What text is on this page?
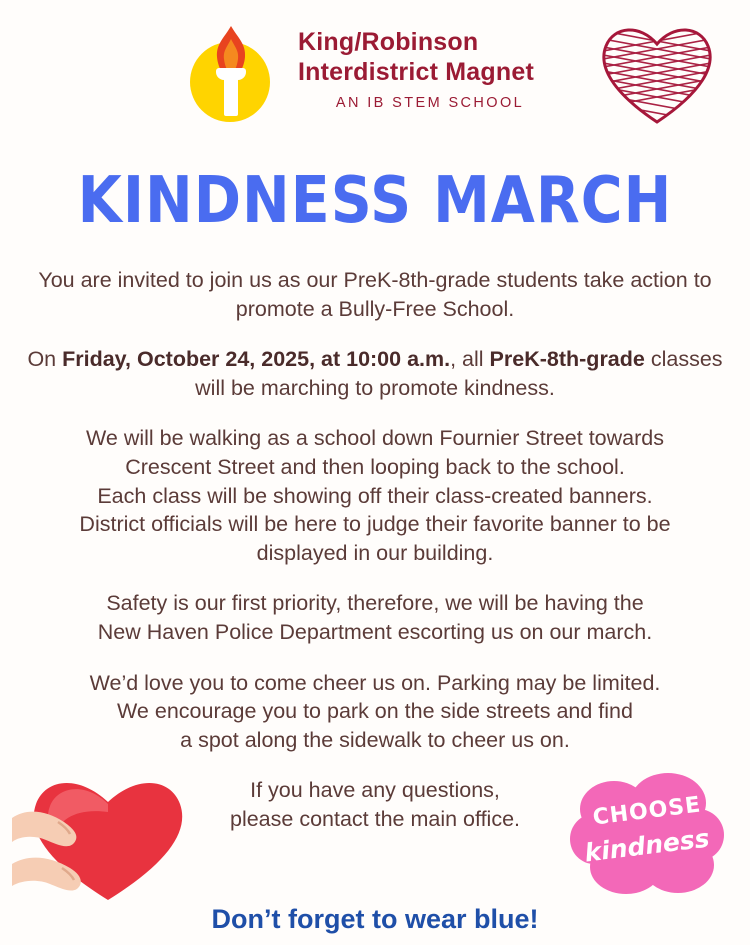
King/Robinson
Interdistrict Magnet
AN IB STEM SCHOOL
KINDNESS MARCH

You are invited to join us as our PreK-8th-grade students take action to promote a Bully-Free School.

On Friday, October 24, 2025, at 10:00 a.m., all PreK-8th-grade classes will be marching to promote kindness.

We will be walking as a school down Fournier Street towards
Crescent Street and then looping back to the school.
Each class will be showing off their class-created banners.
District officials will be here to judge their favorite banner to be
displayed in our building.

Safety is our first priority, therefore, we will be having the
New Haven Police Department escorting us on our march.

We’d love you to come cheer us on. Parking may be limited.
We encourage you to park on the side streets and find
a spot along the sidewalk to cheer us on.

If you have any questions,
please contact the main office.	CHOOSE
kindness
Don’t forget to wear blue!
